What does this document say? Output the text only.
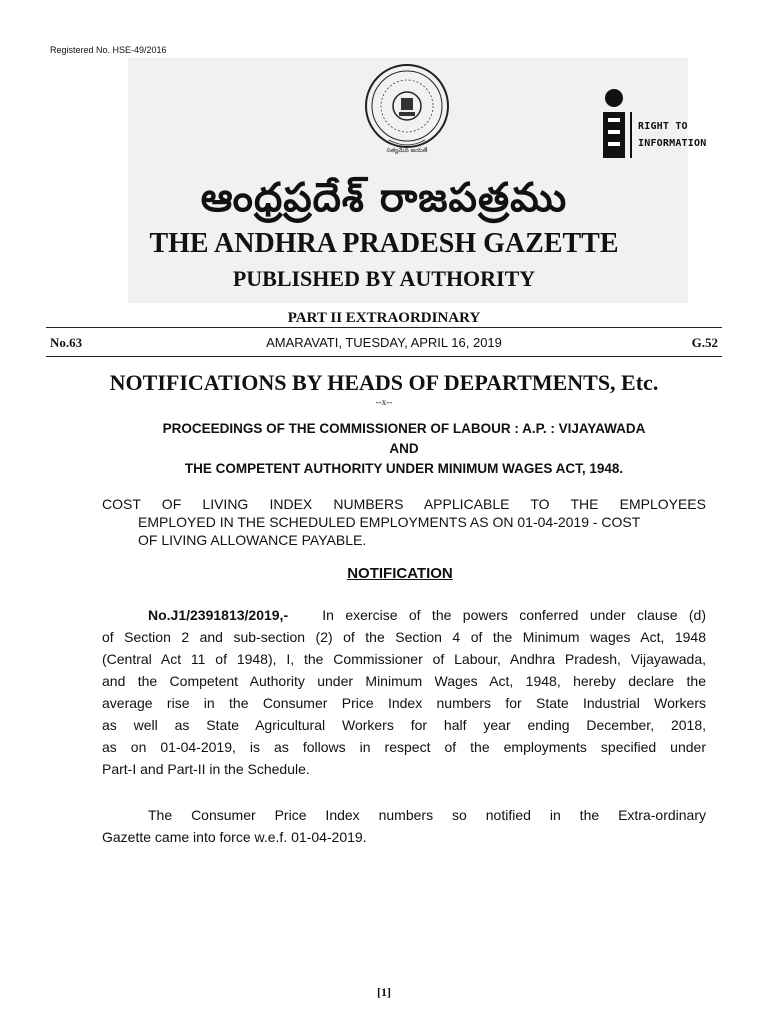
Registered No. HSE-49/2016
సత్యమేవ జయతే
RIGHT TO
INFORMATION
ఆంధ్రప్రదేశ్ రాజపత్రము
THE ANDHRA PRADESH GAZETTE
PUBLISHED BY AUTHORITY
PART II EXTRAORDINARY
No.63	AMARAVATI, TUESDAY, APRIL 16, 2019	G.52
NOTIFICATIONS BY HEADS OF DEPARTMENTS, Etc.
--x--
PROCEEDINGS OF THE COMMISSIONER OF LABOUR : A.P. : VIJAYAWADA
AND
THE COMPETENT AUTHORITY UNDER MINIMUM WAGES ACT, 1948.
COST OF LIVING INDEX NUMBERS APPLICABLE TO THE EMPLOYEES
EMPLOYED IN THE SCHEDULED EMPLOYMENTS AS ON 01-04-2019 - COST
OF LIVING ALLOWANCE PAYABLE.
NOTIFICATION
No.J1/2391813/2019,- In exercise of the powers conferred under clause (d)
of Section 2 and sub-section (2) of the Section 4 of the Minimum wages Act, 1948
(Central Act 11 of 1948), I, the Commissioner of Labour, Andhra Pradesh, Vijayawada,
and the Competent Authority under Minimum Wages Act, 1948, hereby declare the
average rise in the Consumer Price Index numbers for State Industrial Workers
as well as State Agricultural Workers for half year ending December, 2018,
as on 01-04-2019, is as follows in respect of the employments specified under
Part-I and Part-II in the Schedule.
The Consumer Price Index numbers so notified in the Extra-ordinary
Gazette came into force w.e.f. 01-04-2019.
[1]
